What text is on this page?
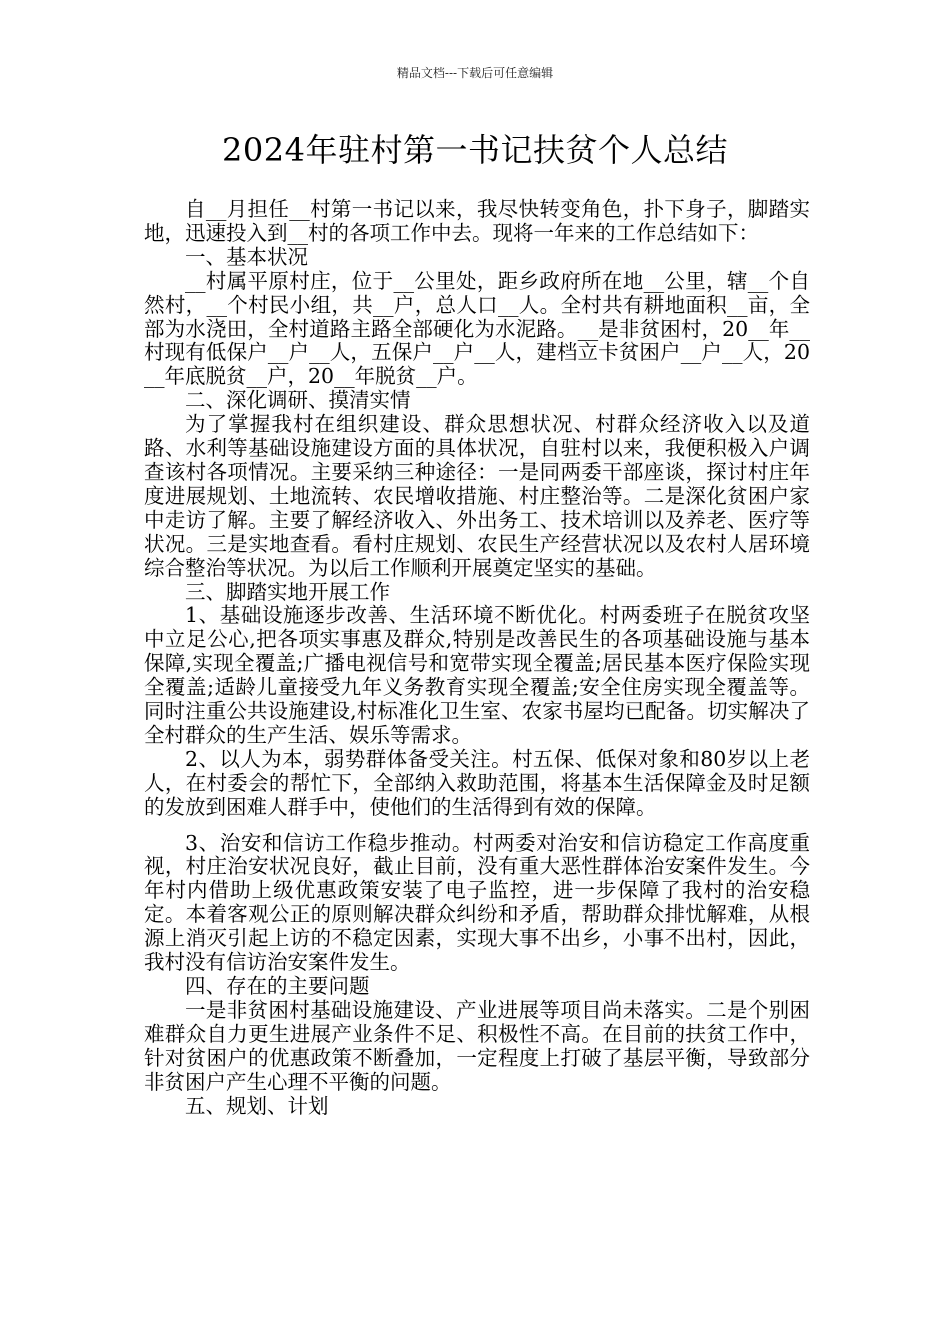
精品文档---下载后可任意编辑
2024年驻村第一书记扶贫个人总结

自__月担任__村第一书记以来，我尽快转变角色，扑下身子，脚踏实地，迅速投入到__村的各项工作中去。现将一年来的工作总结如下：

一、基本状况

__村属平原村庄，位于__公里处，距乡政府所在地__公里，辖__个自然村，__个村民小组，共__户，总人口__人。全村共有耕地面积__亩，全部为水浇田，全村道路主路全部硬化为水泥路。__是非贫困村，20__年__村现有低保户__户__人，五保户__户__人，建档立卡贫困户__户__人，20__年底脱贫__户，20__年脱贫__户。

二、深化调研、摸清实情

为了掌握我村在组织建设、群众思想状况、村群众经济收入以及道路、水利等基础设施建设方面的具体状况，自驻村以来，我便积极入户调查该村各项情况。主要采纳三种途径：一是同两委干部座谈，探讨村庄年度进展规划、土地流转、农民增收措施、村庄整治等。二是深化贫困户家中走访了解。主要了解经济收入、外出务工、技术培训以及养老、医疗等状况。三是实地查看。看村庄规划、农民生产经营状况以及农村人居环境综合整治等状况。为以后工作顺利开展奠定坚实的基础。

三、脚踏实地开展工作

1、基础设施逐步改善、生活环境不断优化。村两委班子在脱贫攻坚中立足公心,把各项实事惠及群众,特别是改善民生的各项基础设施与基本保障,实现全覆盖;广播电视信号和宽带实现全覆盖;居民基本医疗保险实现全覆盖;适龄儿童接受九年义务教育实现全覆盖;安全住房实现全覆盖等。同时注重公共设施建设,村标准化卫生室、农家书屋均已配备。切实解决了全村群众的生产生活、娱乐等需求。

2、以人为本，弱势群体备受关注。村五保、低保对象和80岁以上老人，在村委会的帮忙下，全部纳入救助范围，将基本生活保障金及时足额的发放到困难人群手中，使他们的生活得到有效的保障。

3、治安和信访工作稳步推动。村两委对治安和信访稳定工作高度重视，村庄治安状况良好，截止目前，没有重大恶性群体治安案件发生。今年村内借助上级优惠政策安装了电子监控，进一步保障了我村的治安稳定。本着客观公正的原则解决群众纠纷和矛盾，帮助群众排忧解难，从根源上消灭引起上访的不稳定因素，实现大事不出乡，小事不出村，因此，我村没有信访治安案件发生。

四、存在的主要问题

一是非贫困村基础设施建设、产业进展等项目尚未落实。二是个别困难群众自力更生进展产业条件不足、积极性不高。在目前的扶贫工作中，针对贫困户的优惠政策不断叠加，一定程度上打破了基层平衡，导致部分非贫困户产生心理不平衡的问题。

五、规划、计划
